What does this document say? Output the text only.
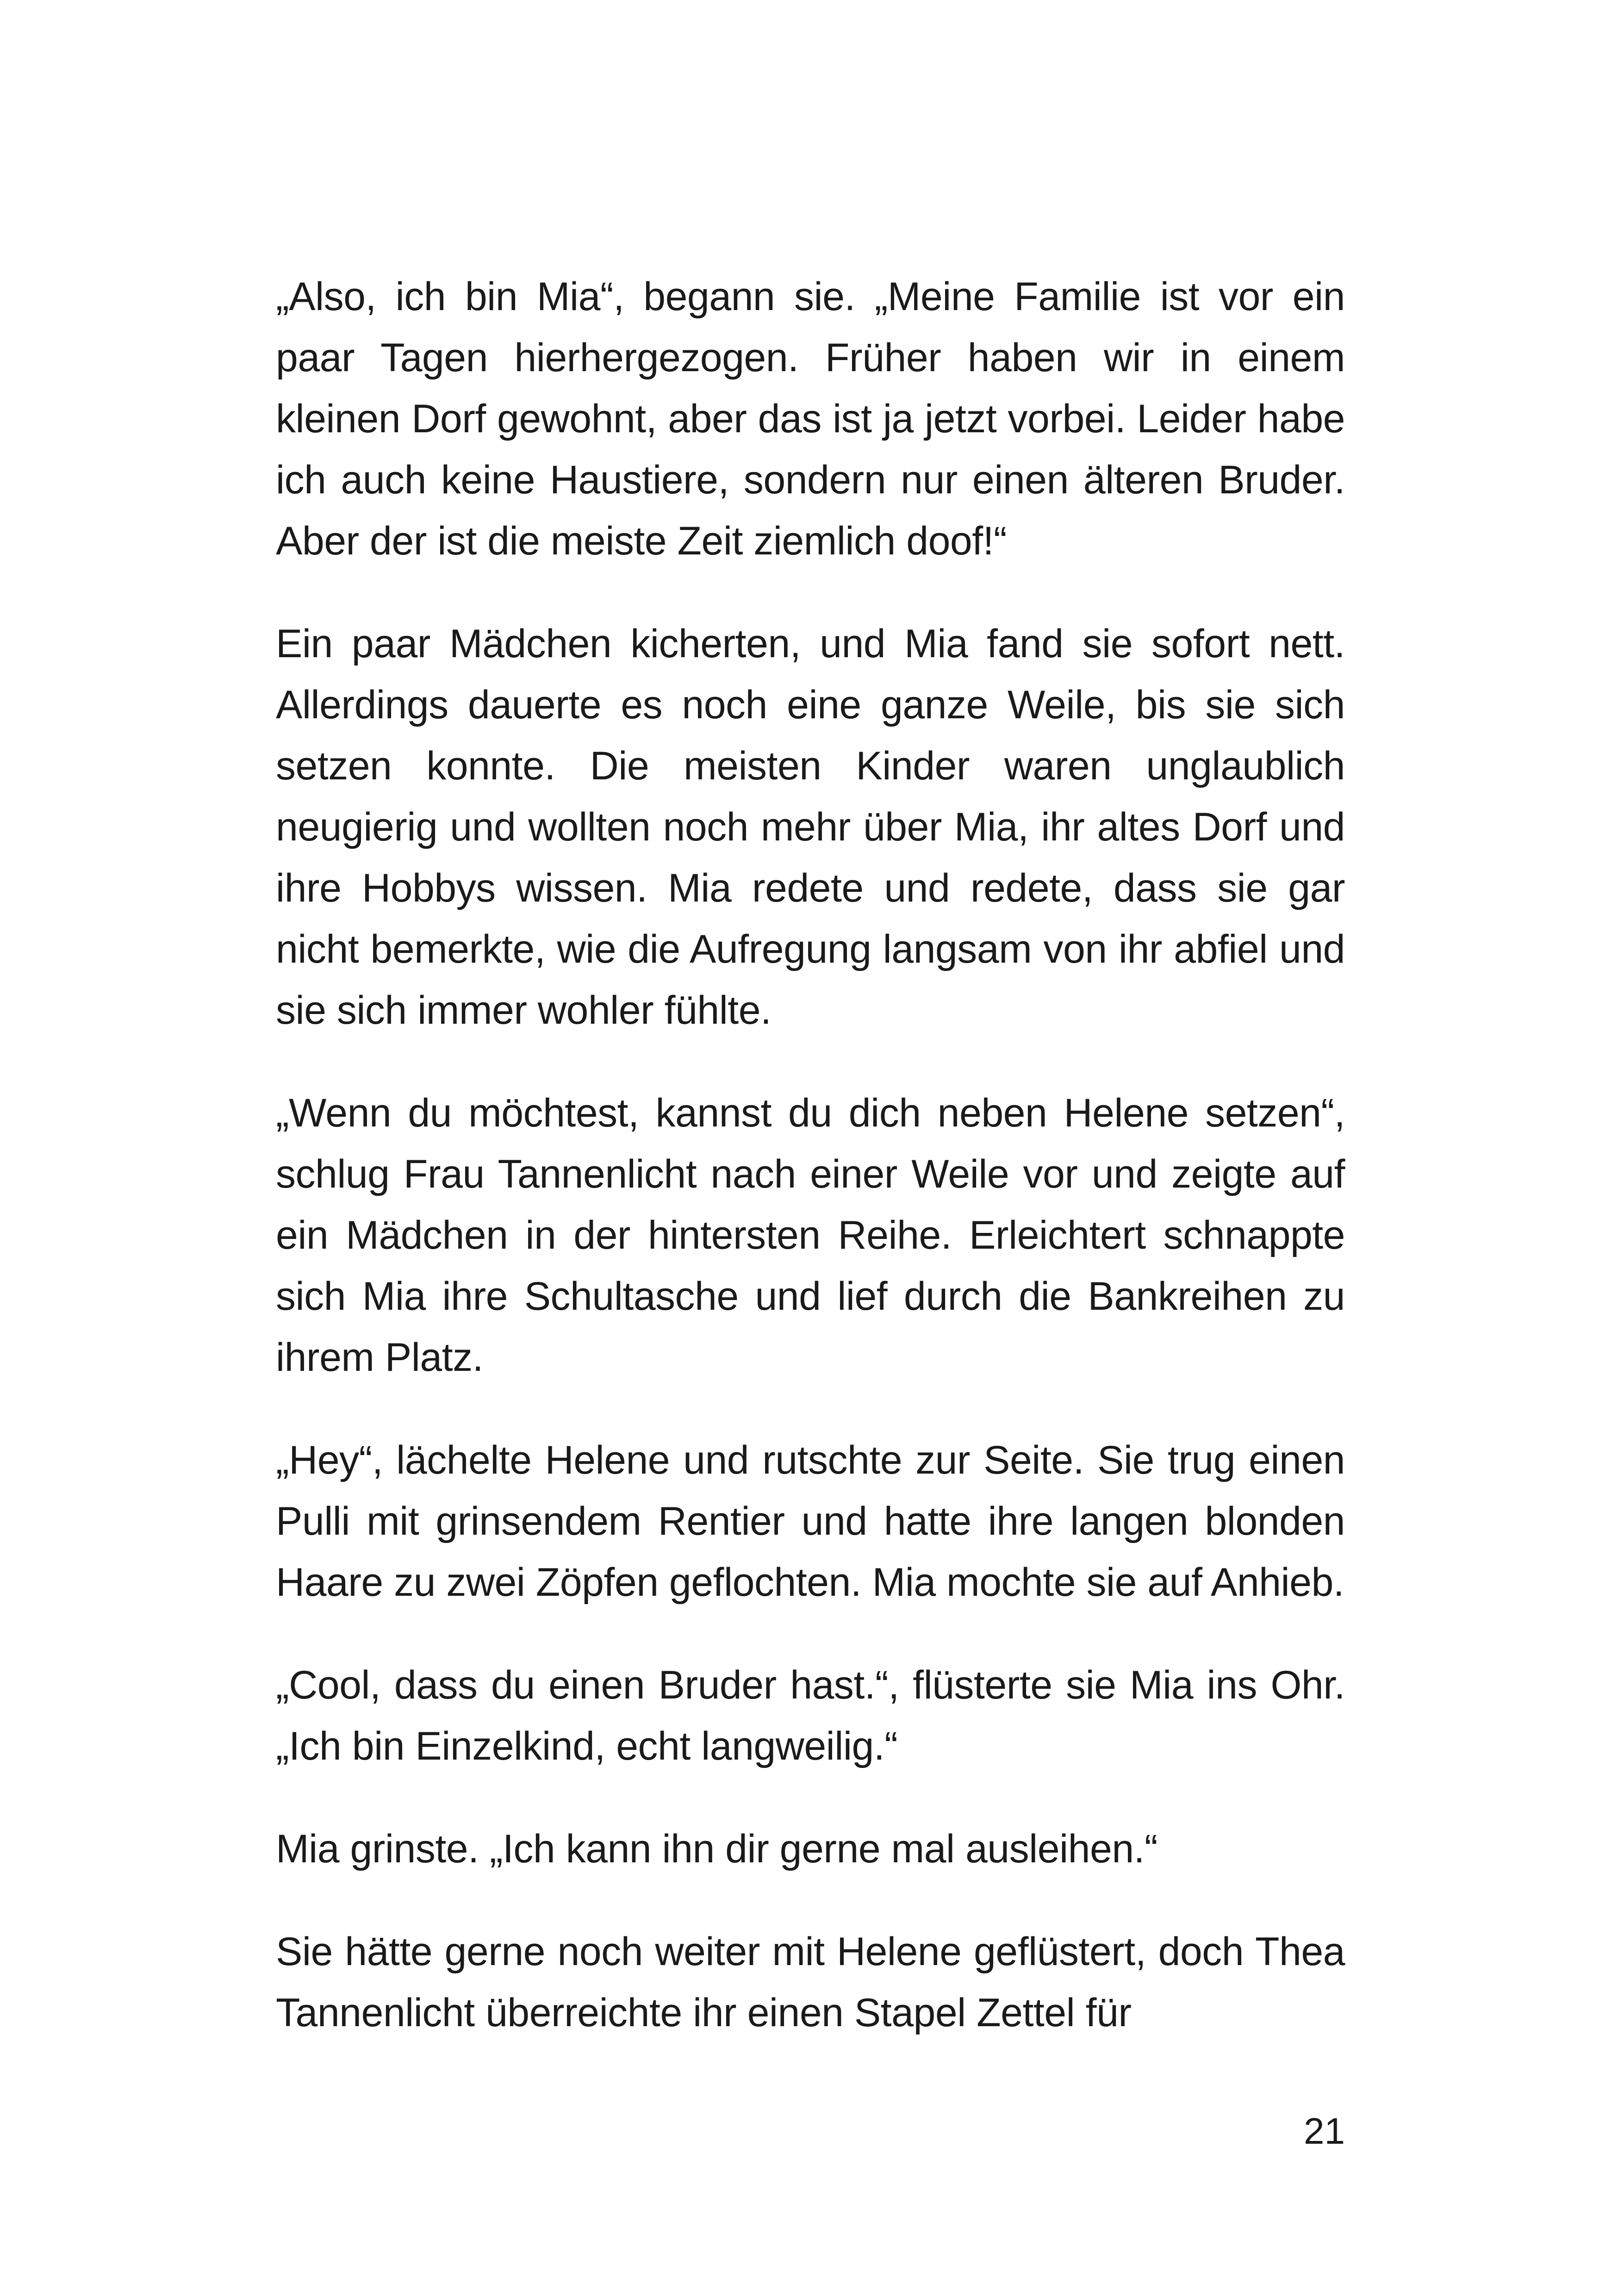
„Also, ich bin Mia“, begann sie. „Meine Familie ist vor ein paar Tagen hierhergezogen. Früher haben wir in einem kleinen Dorf gewohnt, aber das ist ja jetzt vorbei. Leider habe ich auch keine Haustiere, sondern nur einen älteren Bruder. Aber der ist die meiste Zeit ziemlich doof!“

Ein paar Mädchen kicherten, und Mia fand sie sofort nett. Allerdings dauerte es noch eine ganze Weile, bis sie sich setzen konnte. Die meisten Kinder waren unglaublich neugierig und wollten noch mehr über Mia, ihr altes Dorf und ihre Hobbys wissen. Mia redete und redete, dass sie gar nicht bemerkte, wie die Aufregung langsam von ihr abfiel und sie sich immer wohler fühlte.

„Wenn du möchtest, kannst du dich neben Helene setzen“, schlug Frau Tannenlicht nach einer Weile vor und zeigte auf ein Mädchen in der hintersten Reihe. Erleichtert schnappte sich Mia ihre Schultasche und lief durch die Bankreihen zu ihrem Platz.

„Hey“, lächelte Helene und rutschte zur Seite. Sie trug einen Pulli mit grinsendem Rentier und hatte ihre langen blonden Haare zu zwei Zöpfen geflochten. Mia mochte sie auf Anhieb.

„Cool, dass du einen Bruder hast.“, flüsterte sie Mia ins Ohr. „Ich bin Einzelkind, echt langweilig.“

Mia grinste. „Ich kann ihn dir gerne mal ausleihen.“

Sie hätte gerne noch weiter mit Helene geflüstert, doch Thea Tannenlicht überreichte ihr einen Stapel Zettel für

21
